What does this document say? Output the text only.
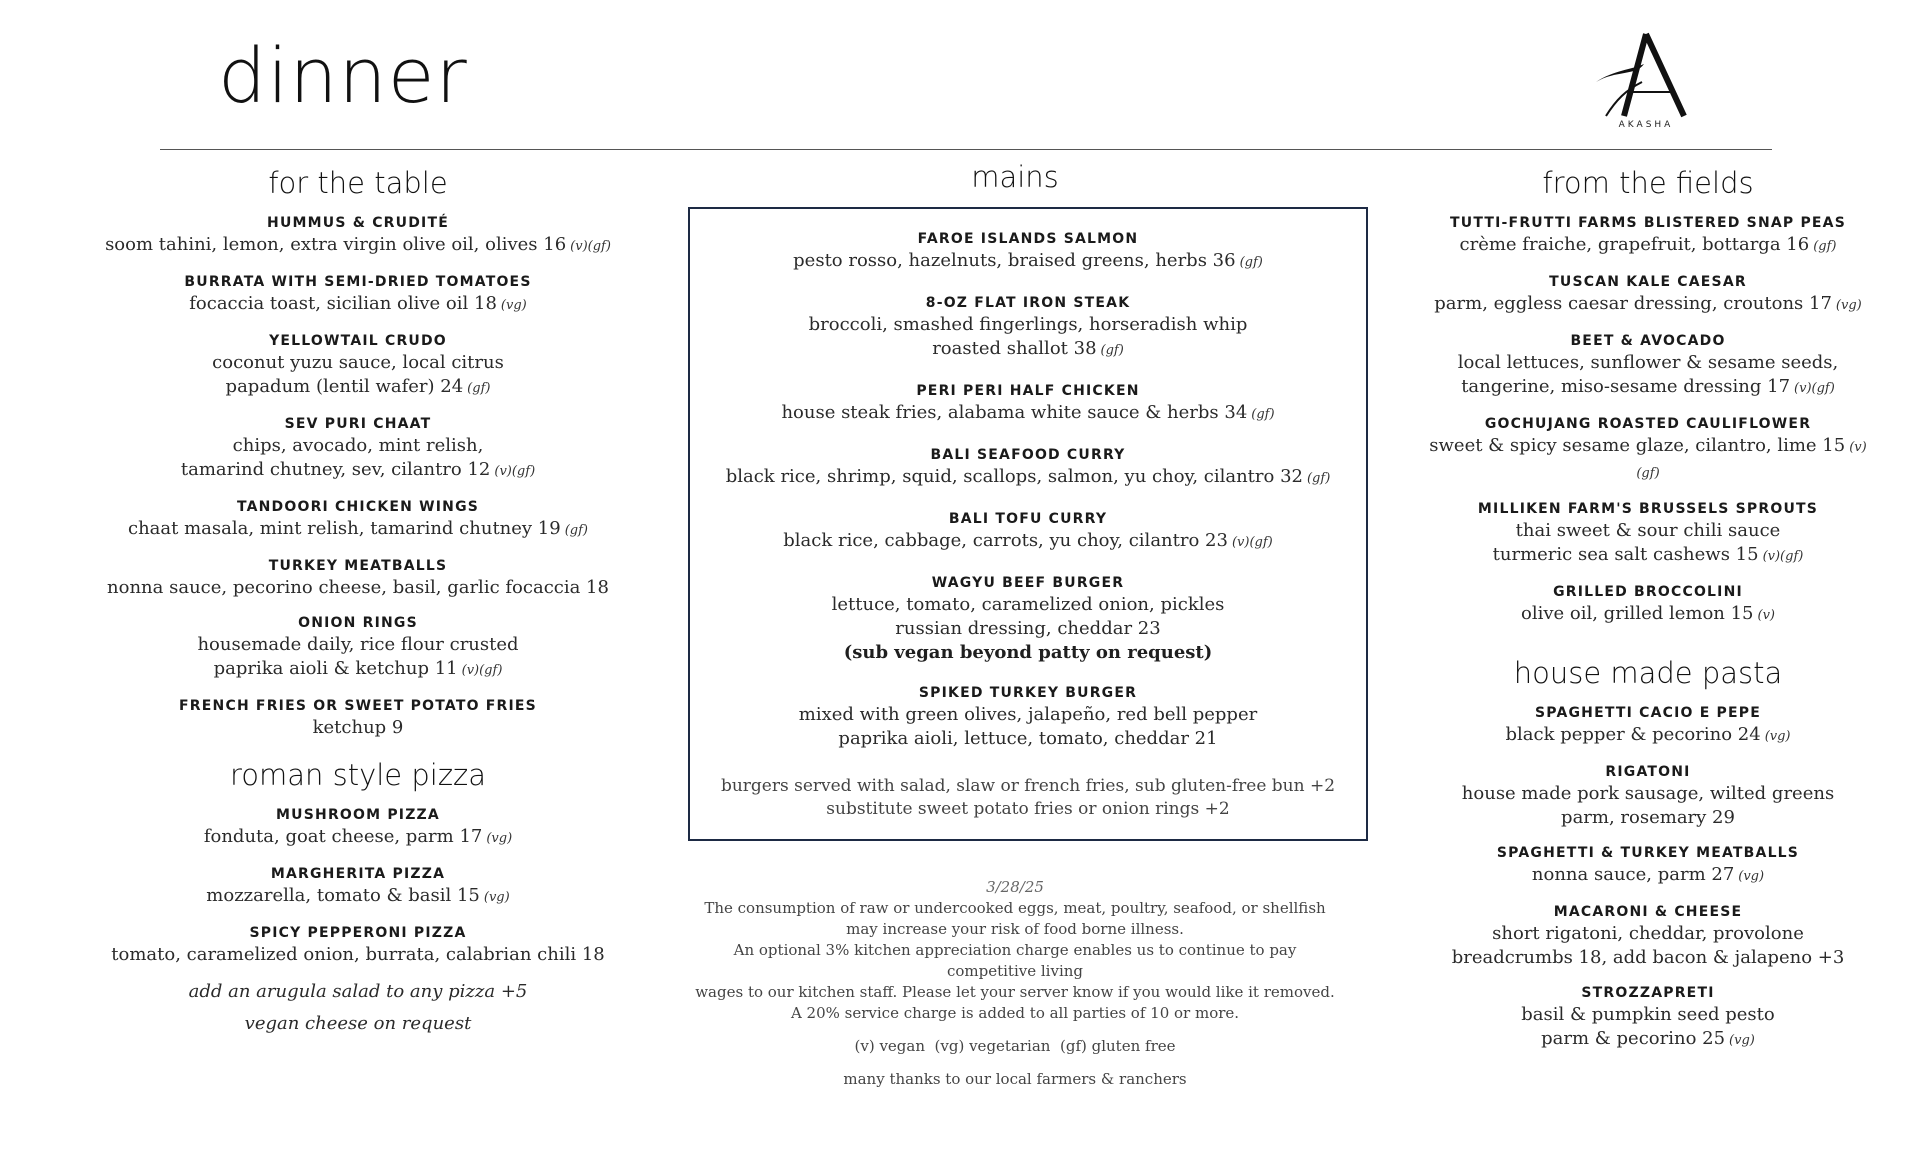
dinner
AKASHA
for the table
HUMMUS & CRUDITÉ
soom tahini, lemon, extra virgin olive oil, olives 16 (v)(gf)
BURRATA WITH SEMI-DRIED TOMATOES
focaccia toast, sicilian olive oil 18 (vg)
YELLOWTAIL CRUDO
coconut yuzu sauce, local citrus
papadum (lentil wafer) 24 (gf)
SEV PURI CHAAT
chips, avocado, mint relish,
tamarind chutney, sev, cilantro 12 (v)(gf)
TANDOORI CHICKEN WINGS
chaat masala, mint relish, tamarind chutney 19 (gf)
TURKEY MEATBALLS
nonna sauce, pecorino cheese, basil, garlic focaccia 18
ONION RINGS
housemade daily, rice flour crusted
paprika aioli & ketchup 11 (v)(gf)
FRENCH FRIES OR SWEET POTATO FRIES
ketchup 9
roman style pizza
MUSHROOM PIZZA
fonduta, goat cheese, parm 17 (vg)
MARGHERITA PIZZA
mozzarella, tomato & basil 15 (vg)
SPICY PEPPERONI PIZZA
tomato, caramelized onion, burrata, calabrian chili 18
add an arugula salad to any pizza +5
vegan cheese on request
mains
FAROE ISLANDS SALMON
pesto rosso, hazelnuts, braised greens, herbs 36 (gf)
8-OZ FLAT IRON STEAK
broccoli, smashed fingerlings, horseradish whip
roasted shallot 38 (gf)
PERI PERI HALF CHICKEN
house steak fries, alabama white sauce & herbs 34 (gf)
BALI SEAFOOD CURRY
black rice, shrimp, squid, scallops, salmon, yu choy, cilantro 32 (gf)
BALI TOFU CURRY
black rice, cabbage, carrots, yu choy, cilantro 23 (v)(gf)
WAGYU BEEF BURGER
lettuce, tomato, caramelized onion, pickles
russian dressing, cheddar 23
(sub vegan beyond patty on request)
SPIKED TURKEY BURGER
mixed with green olives, jalapeño, red bell pepper
paprika aioli, lettuce, tomato, cheddar 21
burgers served with salad, slaw or french fries, sub gluten-free bun +2
substitute sweet potato fries or onion rings +2
3/28/25
The consumption of raw or undercooked eggs, meat, poultry, seafood, or shellfish
may increase your risk of food borne illness.
An optional 3% kitchen appreciation charge enables us to continue to pay competitive living
wages to our kitchen staff. Please let your server know if you would like it removed.
A 20% service charge is added to all parties of 10 or more.
(v) vegan  (vg) vegetarian  (gf) gluten free
many thanks to our local farmers & ranchers
from the fields
TUTTI-FRUTTI FARMS BLISTERED SNAP PEAS
crème fraiche, grapefruit, bottarga 16 (gf)
TUSCAN KALE CAESAR
parm, eggless caesar dressing, croutons 17 (vg)
BEET & AVOCADO
local lettuces, sunflower & sesame seeds,
tangerine, miso-sesame dressing 17 (v)(gf)
GOCHUJANG ROASTED CAULIFLOWER
sweet & spicy sesame glaze, cilantro, lime 15 (v)(gf)
MILLIKEN FARM'S BRUSSELS SPROUTS
thai sweet & sour chili sauce
turmeric sea salt cashews 15 (v)(gf)
GRILLED BROCCOLINI
olive oil, grilled lemon 15 (v)
house made pasta
SPAGHETTI CACIO E PEPE
black pepper & pecorino 24 (vg)
RIGATONI
house made pork sausage, wilted greens
parm, rosemary 29
SPAGHETTI & TURKEY MEATBALLS
nonna sauce, parm 27 (vg)
MACARONI & CHEESE
short rigatoni, cheddar, provolone
breadcrumbs 18, add bacon & jalapeno +3
STROZZAPRETI
basil & pumpkin seed pesto
parm & pecorino 25 (vg)
